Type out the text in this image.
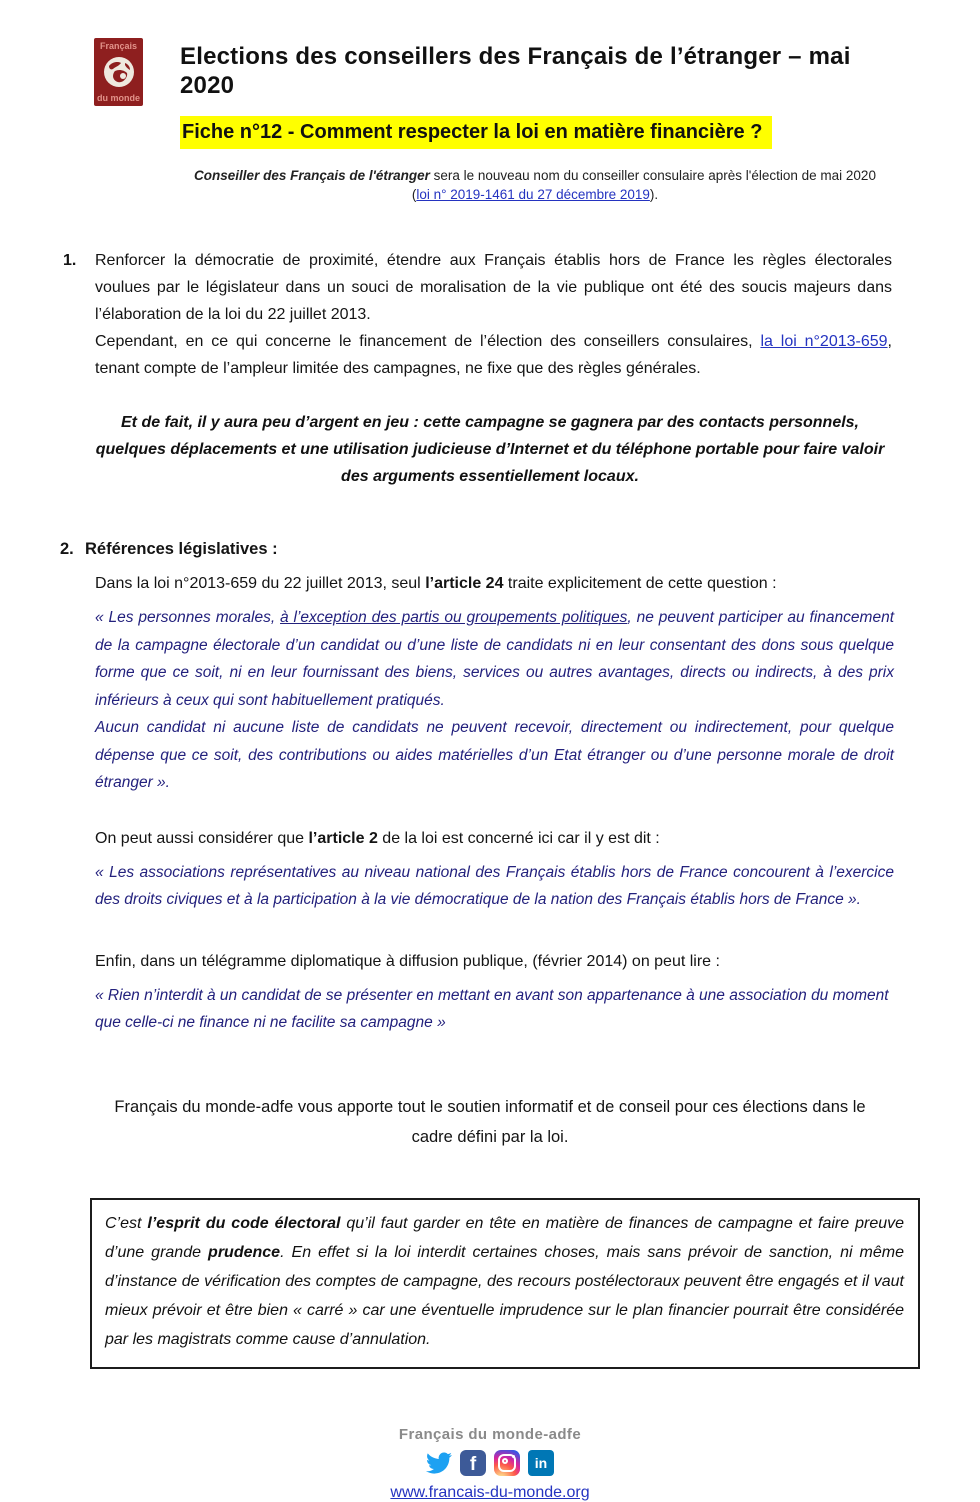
Français
du monde
Elections des conseillers des Français de l’étranger – mai 2020
Fiche n°12 - Comment respecter la loi en matière financière ?
Conseiller des Français de l'étranger sera le nouveau nom du conseiller consulaire après l'élection de mai 2020
(loi n° 2019-1461 du 27 décembre 2019).
1. Renforcer la démocratie de proximité, étendre aux Français établis hors de France les règles électorales voulues par le législateur dans un souci de moralisation de la vie publique ont été des soucis majeurs dans l’élaboration de la loi du 22 juillet 2013.
Cependant, en ce qui concerne le financement de l’élection des conseillers consulaires, la loi n°2013-659, tenant compte de l’ampleur limitée des campagnes, ne fixe que des règles générales.
Et de fait, il y aura peu d’argent en jeu : cette campagne se gagnera par des contacts personnels, quelques déplacements et une utilisation judicieuse d’Internet et du téléphone portable pour faire valoir des arguments essentiellement locaux.
2. Références législatives :
Dans la loi n°2013-659 du 22 juillet 2013, seul l’article 24 traite explicitement de cette question :
« Les personnes morales, à l’exception des partis ou groupements politiques, ne peuvent participer au financement de la campagne électorale d’un candidat ou d’une liste de candidats ni en leur consentant des dons sous quelque forme que ce soit, ni en leur fournissant des biens, services ou autres avantages, directs ou indirects, à des prix inférieurs à ceux qui sont habituellement pratiqués.
Aucun candidat ni aucune liste de candidats ne peuvent recevoir, directement ou indirectement, pour quelque dépense que ce soit, des contributions ou aides matérielles d’un Etat étranger ou d’une personne morale de droit étranger ».
On peut aussi considérer que l’article 2 de la loi est concerné ici car il y est dit :
« Les associations représentatives au niveau national des Français établis hors de France concourent à l’exercice des droits civiques et à la participation à la vie démocratique de la nation des Français établis hors de France ».
Enfin, dans un télégramme diplomatique à diffusion publique, (février 2014) on peut lire :
« Rien n’interdit à un candidat de se présenter en mettant en avant son appartenance à une association du moment que celle-ci ne finance ni ne facilite sa campagne »
Français du monde-adfe vous apporte tout le soutien informatif et de conseil pour ces élections dans le cadre défini par la loi.
C’est l’esprit du code électoral qu’il faut garder en tête en matière de finances de campagne et faire preuve d’une grande prudence. En effet si la loi interdit certaines choses, mais sans prévoir de sanction, ni même d’instance de vérification des comptes de campagne, des recours postélectoraux peuvent être engagés et il vaut mieux prévoir et être bien « carré » car une éventuelle imprudence sur le plan financier pourrait être considérée par les magistrats comme cause d’annulation.
Français du monde-adfe
f	in
www.francais-du-monde.org
